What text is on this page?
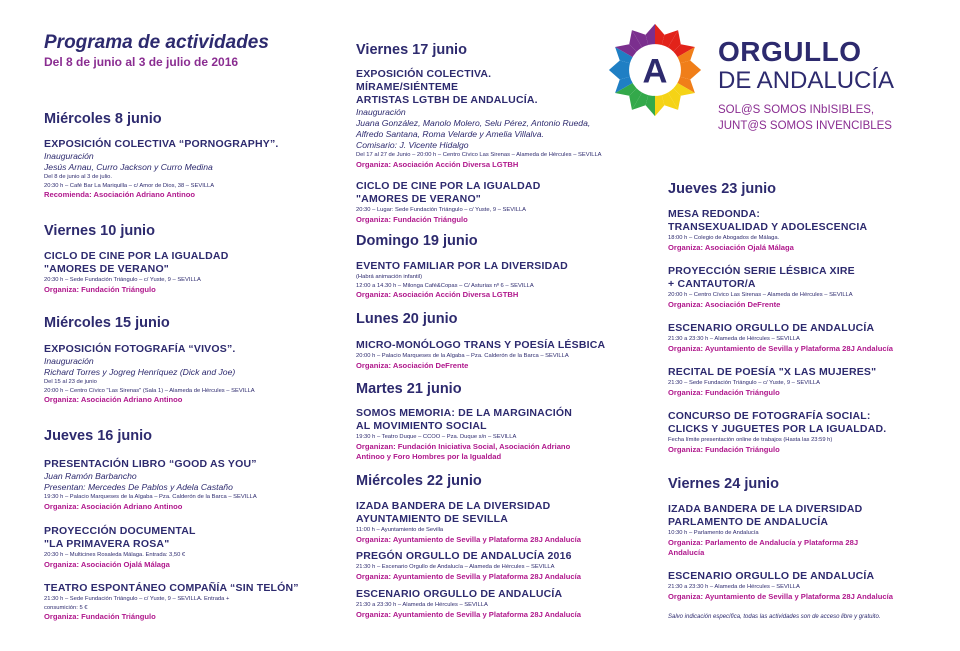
Programa de actividades
Del 8 de junio al 3 de julio de 2016	A
ORGULLO
DE ANDALUCÍA
SOL@S SOMOS INbISIBLES,
JUNT@S SOMOS INVENCIBLES
Miércoles 8 junio
EXPOSICIÓN COLECTIVA “PORNOGRAPHY”.
Inauguración
Jesús Arnau, Curro Jackson y Curro Medina
Del 8 de junio al 3 de julio.
20:30 h – Café Bar La Mariquilla – c/ Amor de Dios, 38 – SEVILLA
Recomienda: Asociación Adriano Antinoo
Viernes 10 junio
CICLO DE CINE POR LA IGUALDAD
"AMORES DE VERANO"
20:30 h – Sede Fundación Triángulo – c/ Yuste, 9 – SEVILLA
Organiza: Fundación Triángulo
Miércoles 15 junio
EXPOSICIÓN FOTOGRAFÍA “VIVOS”.
Inauguración
Richard Torres y Jogreg Henríquez (Dick and Joe)
Del 15 al 23 de junio
20:00 h – Centro Cívico "Las Sirenas" (Sala 1) – Alameda de Hércules – SEVILLA
Organiza: Asociación Adriano Antinoo
Jueves 16 junio
PRESENTACIÓN LIBRO “GOOD AS YOU”
Juan Ramón Barbancho
Presentan: Mercedes De Pablos y Adela Castaño
19:30 h – Palacio Marqueses de la Algaba – Pza. Calderón de la Barca – SEVILLA
Organiza: Asociación Adriano Antinoo
PROYECCIÓN DOCUMENTAL
"LA PRIMAVERA ROSA"
20:30 h – Multicines Rosaleda Málaga. Entrada: 3,50 €
Organiza: Asociación Ojalá Málaga
TEATRO ESPONTÁNEO COMPAÑÍA “SIN TELÓN”
21:30 h – Sede Fundación Triángulo – c/ Yuste, 9 – SEVILLA. Entrada +
consumición: 5 €
Organiza: Fundación Triángulo
Viernes 17 junio
EXPOSICIÓN COLECTIVA.
MÍRAME/SIÉNTEME
ARTISTAS LGTBH DE ANDALUCÍA.
Inauguración
Juana González, Manolo Molero, Selu Pérez, Antonio Rueda,
Alfredo Santana, Roma Velarde y Amelia Villalva.
Comisario: J. Vicente Hidalgo
Del 17 al 27 de Junio – 20:00 h – Centro Cívico Las Sirenas – Alameda de Hércules – SEVILLA
Organiza: Asociación Acción Diversa LGTBH
CICLO DE CINE POR LA IGUALDAD
"AMORES DE VERANO"
20:30 – Lugar: Sede Fundación Triángulo – c/ Yuste, 9 – SEVILLA
Organiza: Fundación Triángulo
Domingo 19 junio
EVENTO FAMILIAR POR LA DIVERSIDAD
(Habrá animación infantil)
12:00 a 14.30 h – Milonga Café&Copas – C/ Asturias nº 6 – SEVILLA
Organiza: Asociación Acción Diversa LGTBH
Lunes 20 junio
MICRO-MONÓLOGO TRANS Y POESÍA LÉSBICA
20:00 h – Palacio Marqueses de la Algaba – Pza. Calderón de la Barca – SEVILLA
Organiza: Asociación DeFrente
Martes 21 junio
SOMOS MEMORIA: DE LA MARGINACIÓN
AL MOVIMIENTO SOCIAL
19:30 h – Teatro Duque – CCOO – Pza. Duque s/n – SEVILLA
Organizan: Fundación Iniciativa Social, Asociación Adriano
Antinoo y Foro Hombres por la Igualdad
Miércoles 22 junio
IZADA BANDERA DE LA DIVERSIDAD
AYUNTAMIENTO DE SEVILLA
11:00 h – Ayuntamiento de Sevilla
Organiza: Ayuntamiento de Sevilla y Plataforma 28J Andalucía
PREGÓN ORGULLO DE ANDALUCÍA 2016
21:30 h – Escenario Orgullo de Andalucía – Alameda de Hércules – SEVILLA
Organiza: Ayuntamiento de Sevilla y Plataforma 28J Andalucía
ESCENARIO ORGULLO DE ANDALUCÍA
21:30 a 23:30 h – Alameda de Hércules – SEVILLA
Organiza: Ayuntamiento de Sevilla y Plataforma 28J Andalucía
Jueves 23 junio
MESA REDONDA:
TRANSEXUALIDAD Y ADOLESCENCIA
18:00 h – Colegio de Abogados de Málaga.
Organiza: Asociación Ojalá Málaga
PROYECCIÓN SERIE LÉSBICA XIRE
+ CANTAUTOR/A
20:00 h – Centro Cívico Las Sirenas – Alameda de Hércules – SEVILLA
Organiza: Asociación DeFrente
ESCENARIO ORGULLO DE ANDALUCÍA
21:30 a 23:30 h – Alameda de Hércules – SEVILLA
Organiza: Ayuntamiento de Sevilla y Plataforma 28J Andalucía
RECITAL DE POESÍA "X LAS MUJERES"
21:30 – Sede Fundación Triángulo – c/ Yuste, 9 – SEVILLA
Organiza: Fundación Triángulo
CONCURSO DE FOTOGRAFÍA SOCIAL:
CLICKS Y JUGUETES POR LA IGUALDAD.
Fecha límite presentación online de trabajos (Hasta las 23:59 h)
Organiza: Fundación Triángulo
Viernes 24 junio
IZADA BANDERA DE LA DIVERSIDAD
PARLAMENTO DE ANDALUCÍA
10:30 h – Parlamento de Andalucía
Organiza: Parlamento de Andalucía y Plataforma 28J
Andalucía
ESCENARIO ORGULLO DE ANDALUCÍA
21:30 a 23:30 h – Alameda de Hércules – SEVILLA
Organiza: Ayuntamiento de Sevilla y Plataforma 28J Andalucía
Salvo indicación específica, todas las actividades son de acceso libre y gratuito.
